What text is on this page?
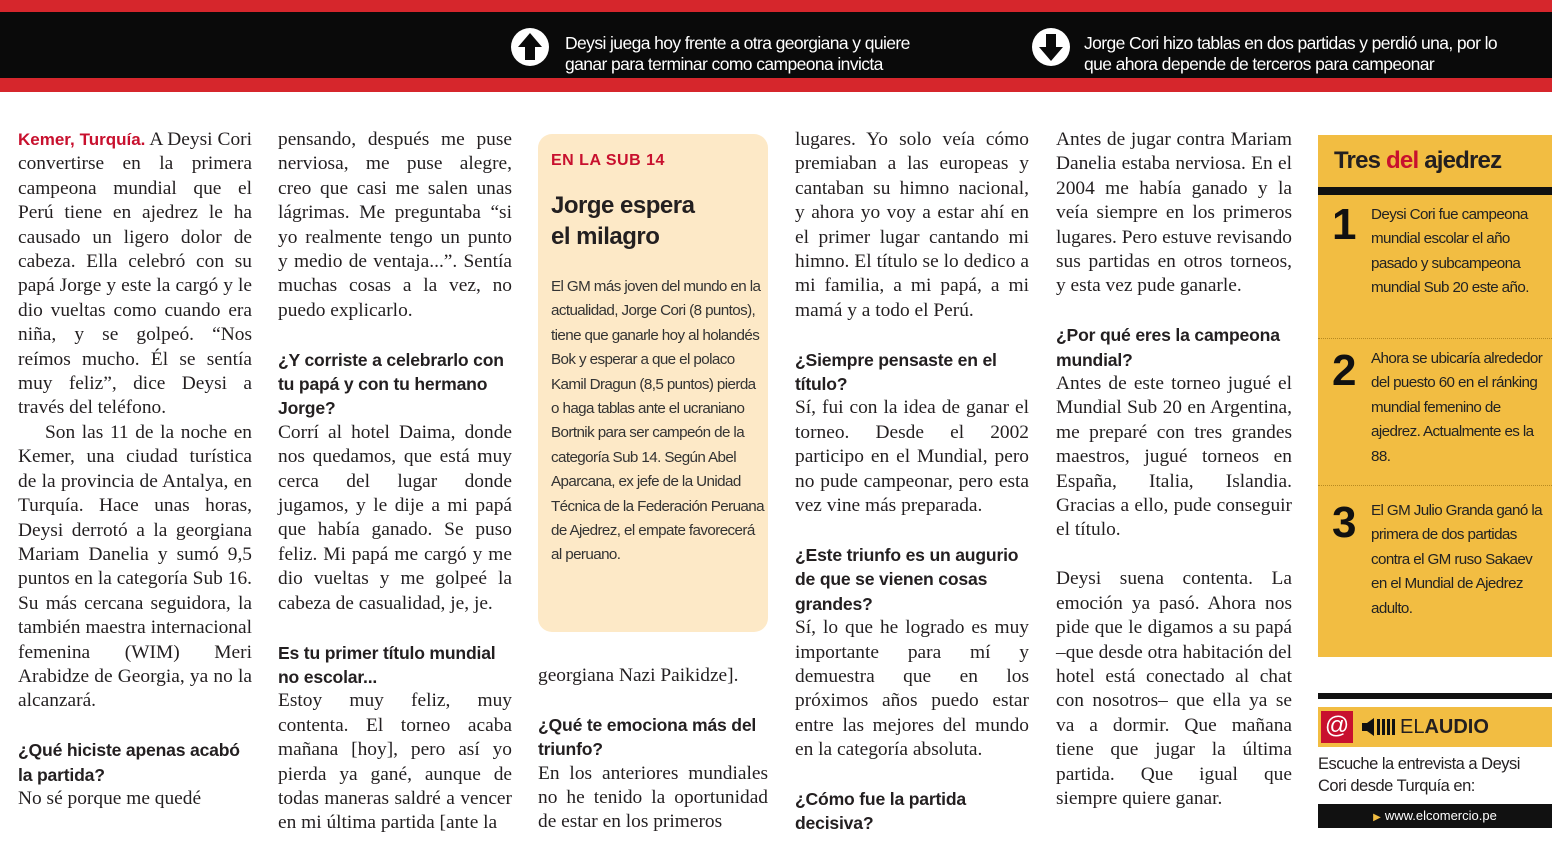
Deysi juega hoy frente a otra georgiana y quiere ganar para terminar como campeona invicta
Jorge Cori hizo tablas en dos partidas y perdió una, por lo que ahora depende de terceros para campeonar

Kemer, Turquía. A Deysi Cori convertirse en la primera campeona mundial que el Perú tiene en ajedrez le ha causado un ligero dolor de cabeza. Ella celebró con su papá Jorge y este la cargó y le dio vueltas como cuando era niña, y se golpeó. “Nos reímos mucho. Él se sentía muy feliz”, dice Deysi a través del teléfono.

Son las 11 de la noche en Kemer, una ciudad turística de la provincia de Antalya, en Turquía. Hace unas horas, Deysi derrotó a la georgiana Mariam Danelia y sumó 9,5 puntos en la categoría Sub 16. Su más cercana seguidora, la también maestra internacional femenina (WIM) Meri Arabidze de Georgia, ya no la alcanzará.

¿Qué hiciste apenas acabó la partida?

No sé porque me quedé

pensando, después me puse nerviosa, me puse alegre, creo que casi me salen unas lágrimas. Me preguntaba “si yo realmente tengo un punto y medio de ventaja...”. Sentía muchas cosas a la vez, no puedo explicarlo.

¿Y corriste a celebrarlo con tu papá y con tu hermano Jorge?

Corrí al hotel Daima, donde nos quedamos, que está muy cerca del lugar donde jugamos, y le dije a mi papá que había ganado. Se puso feliz. Mi papá me cargó y me dio vueltas y me golpeé la cabeza de casualidad, je, je.

Es tu primer título mundial no escolar...

Estoy muy feliz, muy contenta. El torneo acaba mañana [hoy], pero así yo pierda ya gané, aunque de todas maneras saldré a vencer en mi última partida [ante la

EN LA SUB 14
Jorge espera
el milagro
El GM más joven del mundo en la actualidad, Jorge Cori (8 puntos), tiene que ganarle hoy al holandés Bok y esperar a que el polaco Kamil Dragun (8,5 puntos) pierda o haga tablas ante el ucraniano Bortnik para ser campeón de la categoría Sub 14. Según Abel Aparcana, ex jefe de la Unidad Técnica de la Federación Peruana de Ajedrez, el empate favorecerá al peruano.

georgiana Nazi Paikidze].

¿Qué te emociona más del triunfo?

En los anteriores mundiales no he tenido la oportunidad de estar en los primeros

lugares. Yo solo veía cómo premiaban a las europeas y cantaban su himno nacional, y ahora yo voy a estar ahí en el primer lugar cantando mi himno. El título se lo dedico a mi familia, a mi papá, a mi mamá y a todo el Perú.

¿Siempre pensaste en el título?

Sí, fui con la idea de ganar el torneo. Desde el 2002 participo en el Mundial, pero no pude campeonar, pero esta vez vine más preparada.

¿Este triunfo es un augurio de que se vienen cosas grandes?

Sí, lo que he logrado es muy importante para mí y demuestra que en los próximos años puedo estar entre las mejores del mundo en la categoría absoluta.

¿Cómo fue la partida decisiva?

Antes de jugar contra Mariam Danelia estaba nerviosa. En el 2004 me había ganado y la veía siempre en los primeros lugares. Pero estuve revisando sus partidas en otros torneos, y esta vez pude ganarle.

¿Por qué eres la campeona mundial?

Antes de este torneo jugué el Mundial Sub 20 en Argentina, me preparé con tres grandes maestros, jugué torneos en España, Italia, Islandia. Gracias a ello, pude conseguir el título.

Deysi suena contenta. La emoción ya pasó. Ahora nos pide que le digamos a su papá –que desde otra habitación del hotel está conectado al chat con nosotros– que ella ya se va a dormir. Que mañana tiene que jugar la última partida. Que igual que siempre quiere ganar.

Tres del ajedrez
1 Deysi Cori fue campeona mundial escolar el año pasado y subcampeona mundial Sub 20 este año.
2 Ahora se ubicaría alrededor del puesto 60 en el ránking mundial femenino de ajedrez. Actualmente es la 88.
3 El GM Julio Granda ganó la primera de dos partidas contra el GM ruso Sakaev en el Mundial de Ajedrez adulto.
@	ELAUDIO
Escuche la entrevista a Deysi Cori desde Turquía en:
▶ www.elcomercio.pe
